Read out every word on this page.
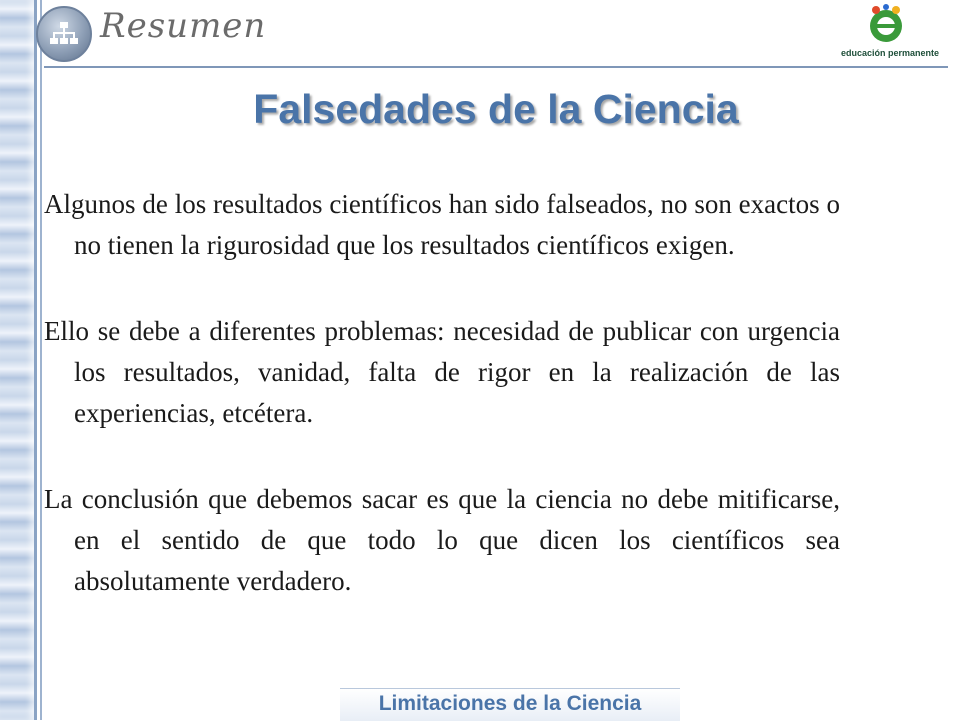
Resumen
educación permanente
Falsedades de la Ciencia

Algunos de los resultados científicos han sido falseados, no son exactos o no tienen la rigurosidad que los resultados científicos exigen.

Ello se debe a diferentes problemas: necesidad de publicar con urgencia los resultados, vanidad, falta de rigor en la realización de las experiencias, etcétera.

La conclusión que debemos sacar es que la ciencia no debe mitificarse, en el sentido de que todo lo que dicen los científicos sea absolutamente verdadero.

Limitaciones de la Ciencia
